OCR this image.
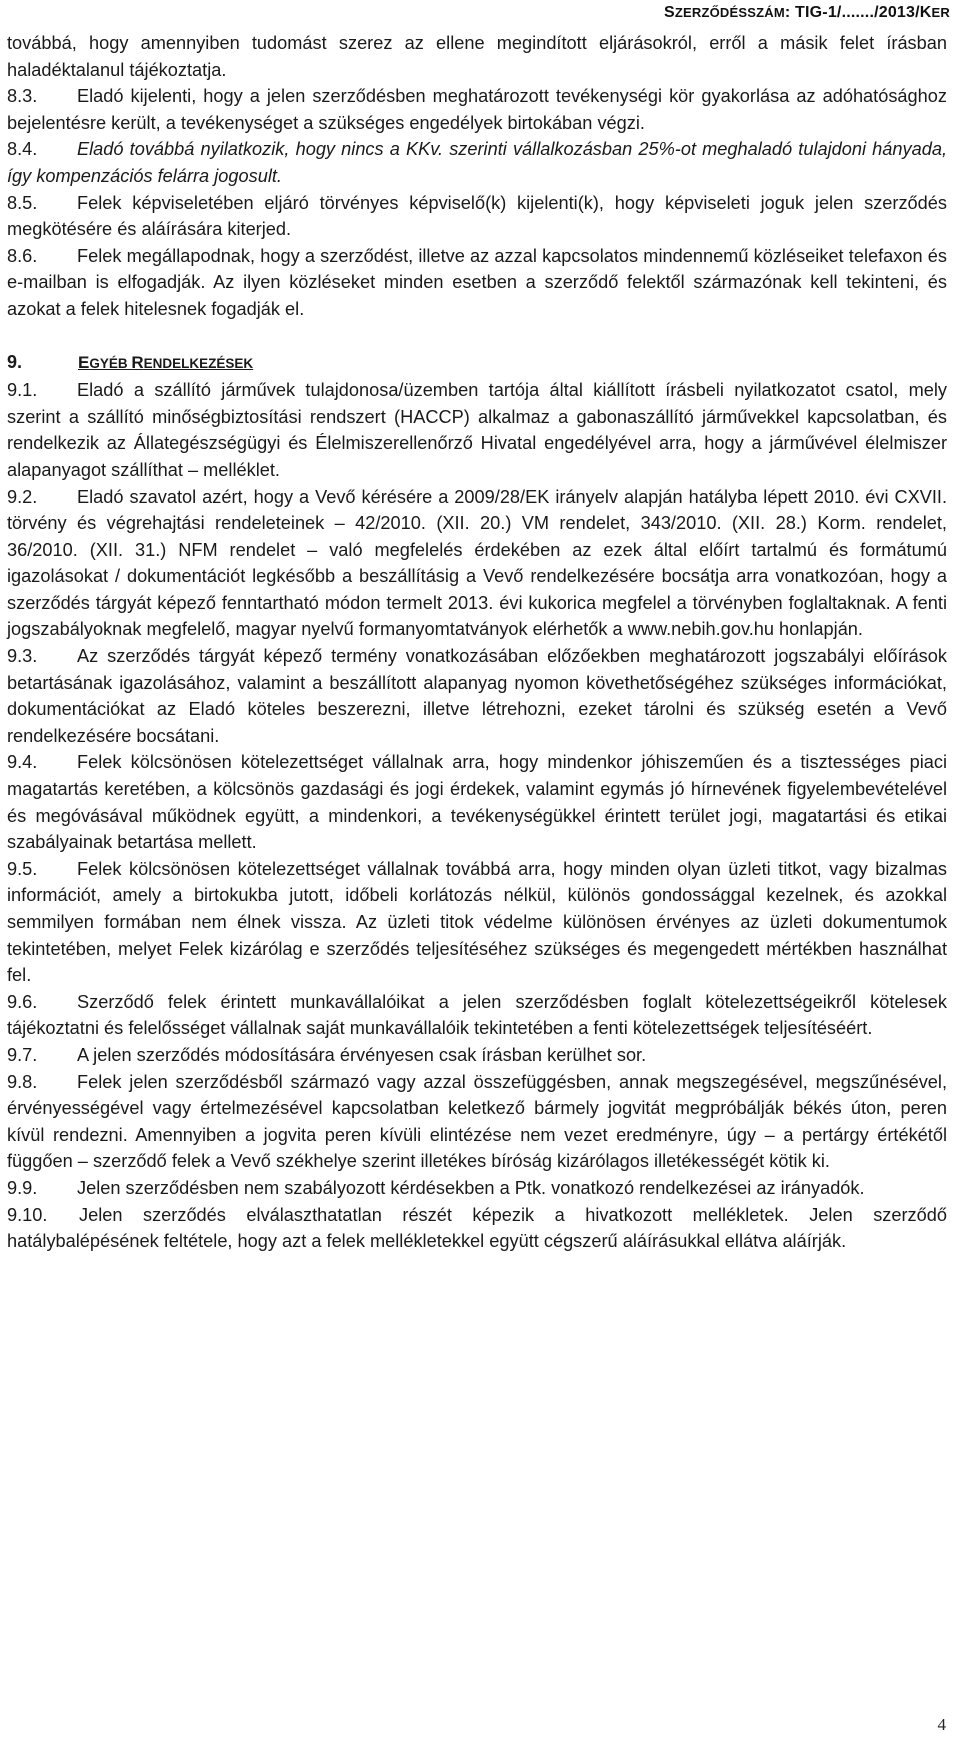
SZERZŐDÉSSZÁM: TIG-1/......./2013/KER

továbbá, hogy amennyiben tudomást szerez az ellene megindított eljárásokról, erről a másik felet írásban haladéktalanul tájékoztatja.

8.3. Eladó kijelenti, hogy a jelen szerződésben meghatározott tevékenységi kör gyakorlása az adóhatósághoz bejelentésre került, a tevékenységet a szükséges engedélyek birtokában végzi.

8.4. Eladó továbbá nyilatkozik, hogy nincs a KKv. szerinti vállalkozásban 25%-ot meghaladó tulajdoni hányada, így kompenzációs felárra jogosult.

8.5. Felek képviseletében eljáró törvényes képviselő(k) kijelenti(k), hogy képviseleti joguk jelen szerződés megkötésére és aláírására kiterjed.

8.6. Felek megállapodnak, hogy a szerződést, illetve az azzal kapcsolatos mindennemű közléseiket telefaxon és e-mailban is elfogadják. Az ilyen közléseket minden esetben a szerződő felektől származónak kell tekinteni, és azokat a felek hitelesnek fogadják el.

9.	EGYÉB RENDELKEZÉSEK

9.1. Eladó a szállító járművek tulajdonosa/üzemben tartója által kiállított írásbeli nyilatkozatot csatol, mely szerint a szállító minőségbiztosítási rendszert (HACCP) alkalmaz a gabonaszállító járművekkel kapcsolatban, és rendelkezik az Állategészségügyi és Élelmiszerellenőrző Hivatal engedélyével arra, hogy a járművével élelmiszer alapanyagot szállíthat – melléklet.

9.2. Eladó szavatol azért, hogy a Vevő kérésére a 2009/28/EK irányelv alapján hatályba lépett 2010. évi CXVII. törvény és végrehajtási rendeleteinek – 42/2010. (XII. 20.) VM rendelet, 343/2010. (XII. 28.) Korm. rendelet, 36/2010. (XII. 31.) NFM rendelet – való megfelelés érdekében az ezek által előírt tartalmú és formátumú igazolásokat / dokumentációt legkésőbb a beszállításig a Vevő rendelkezésére bocsátja arra vonatkozóan, hogy a szerződés tárgyát képező fenntartható módon termelt 2013. évi kukorica megfelel a törvényben foglaltaknak. A fenti jogszabályoknak megfelelő, magyar nyelvű formanyomtatványok elérhetők a www.nebih.gov.hu honlapján.

9.3. Az szerződés tárgyát képező termény vonatkozásában előzőekben meghatározott jogszabályi előírások betartásának igazolásához, valamint a beszállított alapanyag nyomon követhetőségéhez szükséges információkat, dokumentációkat az Eladó köteles beszerezni, illetve létrehozni, ezeket tárolni és szükség esetén a Vevő rendelkezésére bocsátani.

9.4. Felek kölcsönösen kötelezettséget vállalnak arra, hogy mindenkor jóhiszeműen és a tisztességes piaci magatartás keretében, a kölcsönös gazdasági és jogi érdekek, valamint egymás jó hírnevének figyelembevételével és megóvásával működnek együtt, a mindenkori, a tevékenységükkel érintett terület jogi, magatartási és etikai szabályainak betartása mellett.

9.5. Felek kölcsönösen kötelezettséget vállalnak továbbá arra, hogy minden olyan üzleti titkot, vagy bizalmas információt, amely a birtokukba jutott, időbeli korlátozás nélkül, különös gondossággal kezelnek, és azokkal semmilyen formában nem élnek vissza. Az üzleti titok védelme különösen érvényes az üzleti dokumentumok tekintetében, melyet Felek kizárólag e szerződés teljesítéséhez szükséges és megengedett mértékben használhat fel.

9.6. Szerződő felek érintett munkavállalóikat a jelen szerződésben foglalt kötelezettségeikről kötelesek tájékoztatni és felelősséget vállalnak saját munkavállalóik tekintetében a fenti kötelezettségek teljesítéséért.

9.7. A jelen szerződés módosítására érvényesen csak írásban kerülhet sor.

9.8. Felek jelen szerződésből származó vagy azzal összefüggésben, annak megszegésével, megszűnésével, érvényességével vagy értelmezésével kapcsolatban keletkező bármely jogvitát megpróbálják békés úton, peren kívül rendezni. Amennyiben a jogvita peren kívüli elintézése nem vezet eredményre, úgy – a pertárgy értékétől függően – szerződő felek a Vevő székhelye szerint illetékes bíróság kizárólagos illetékességét kötik ki.

9.9. Jelen szerződésben nem szabályozott kérdésekben a Ptk. vonatkozó rendelkezései az irányadók.

9.10. Jelen szerződés elválaszthatatlan részét képezik a hivatkozott mellékletek. Jelen szerződő hatálybalépésének feltétele, hogy azt a felek mellékletekkel együtt cégszerű aláírásukkal ellátva aláírják.

4
